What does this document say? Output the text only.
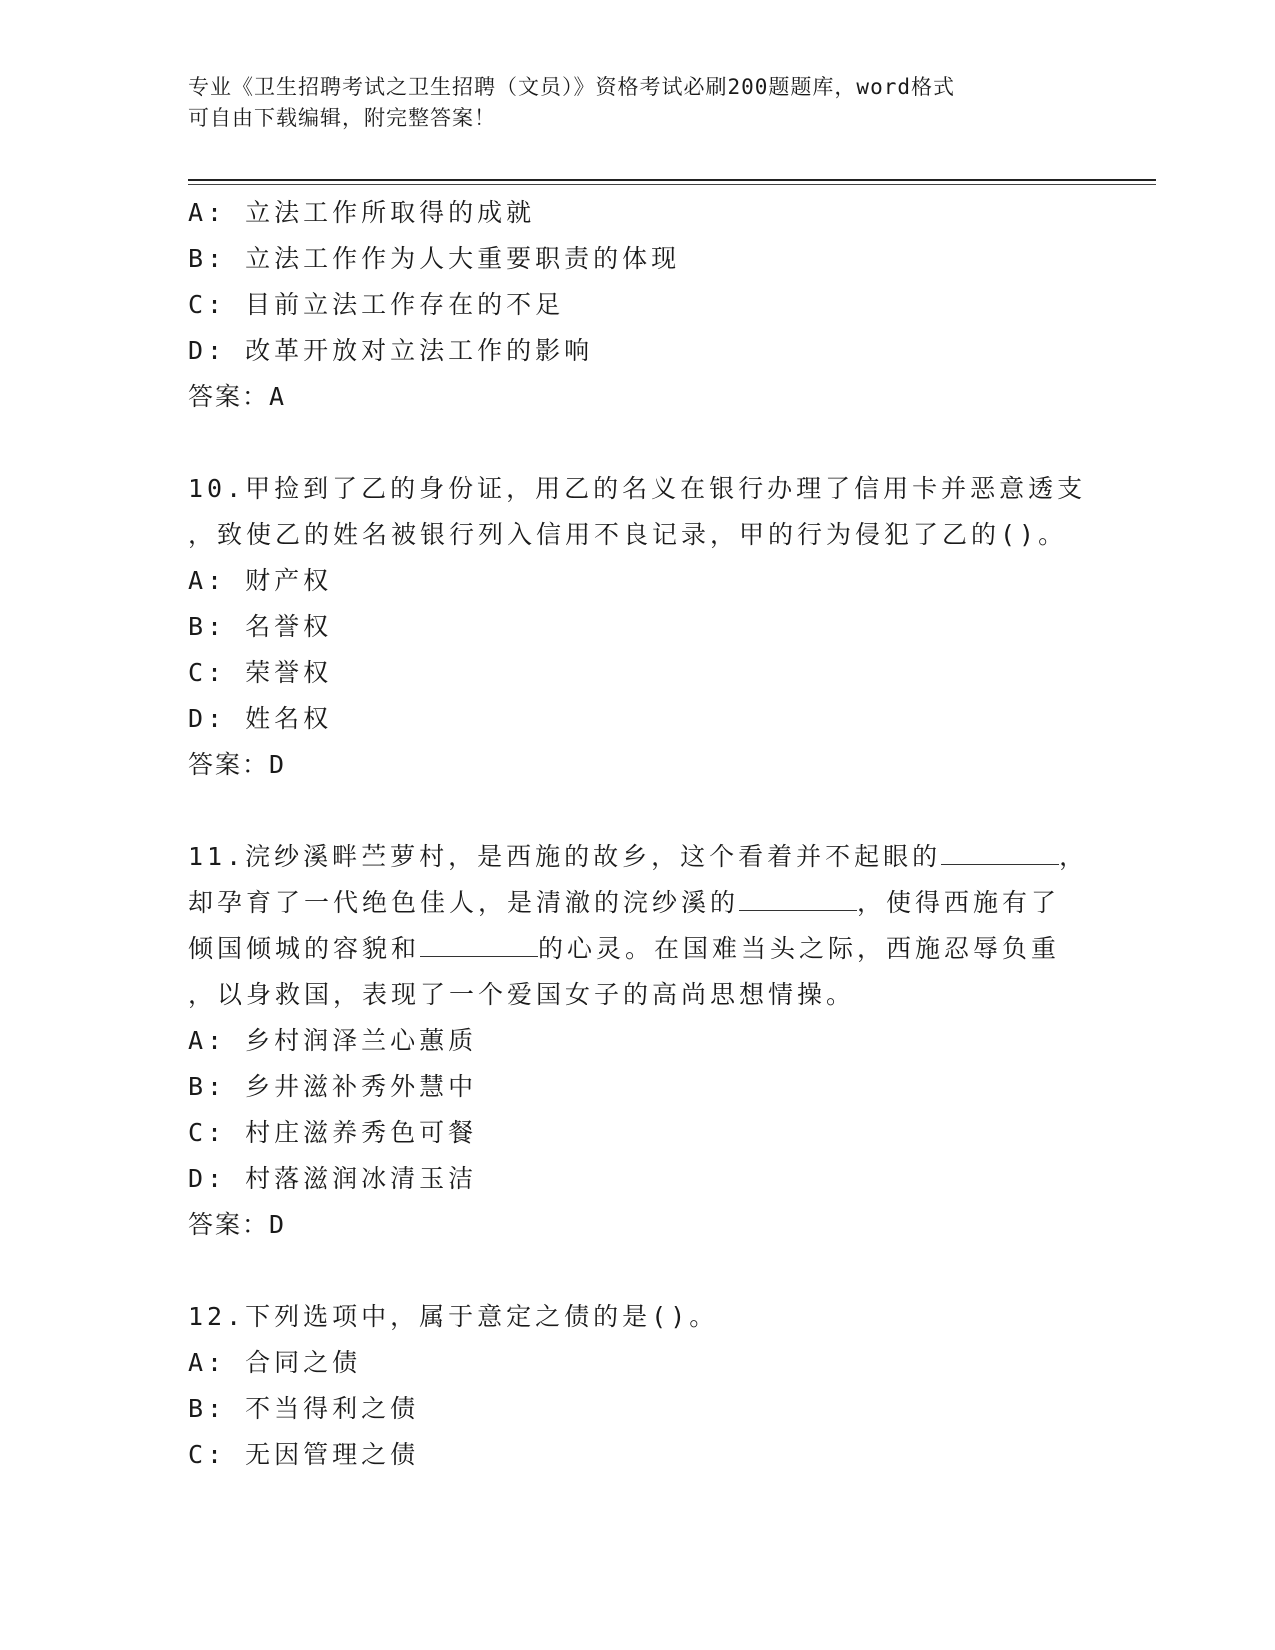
专业《卫生招聘考试之卫生招聘（文员）》资格考试必刷200题题库，word格式
可自由下载编辑，附完整答案！
A: 立法工作所取得的成就
B: 立法工作作为人大重要职责的体现
C: 目前立法工作存在的不足
D: 改革开放对立法工作的影响
答案：A
10.甲捡到了乙的身份证，用乙的名义在银行办理了信用卡并恶意透支
，致使乙的姓名被银行列入信用不良记录，甲的行为侵犯了乙的()。
A: 财产权
B: 名誉权
C: 荣誉权
D: 姓名权
答案：D
11.浣纱溪畔苎萝村，是西施的故乡，这个看着并不起眼的	，
却孕育了一代绝色佳人，是清澈的浣纱溪的	，使得西施有了
倾国倾城的容貌和	的心灵。在国难当头之际，西施忍辱负重
，以身救国，表现了一个爱国女子的高尚思想情操。
A: 乡村润泽兰心蕙质
B: 乡井滋补秀外慧中
C: 村庄滋养秀色可餐
D: 村落滋润冰清玉洁
答案：D
12.下列选项中，属于意定之债的是()。
A: 合同之债
B: 不当得利之债
C: 无因管理之债
